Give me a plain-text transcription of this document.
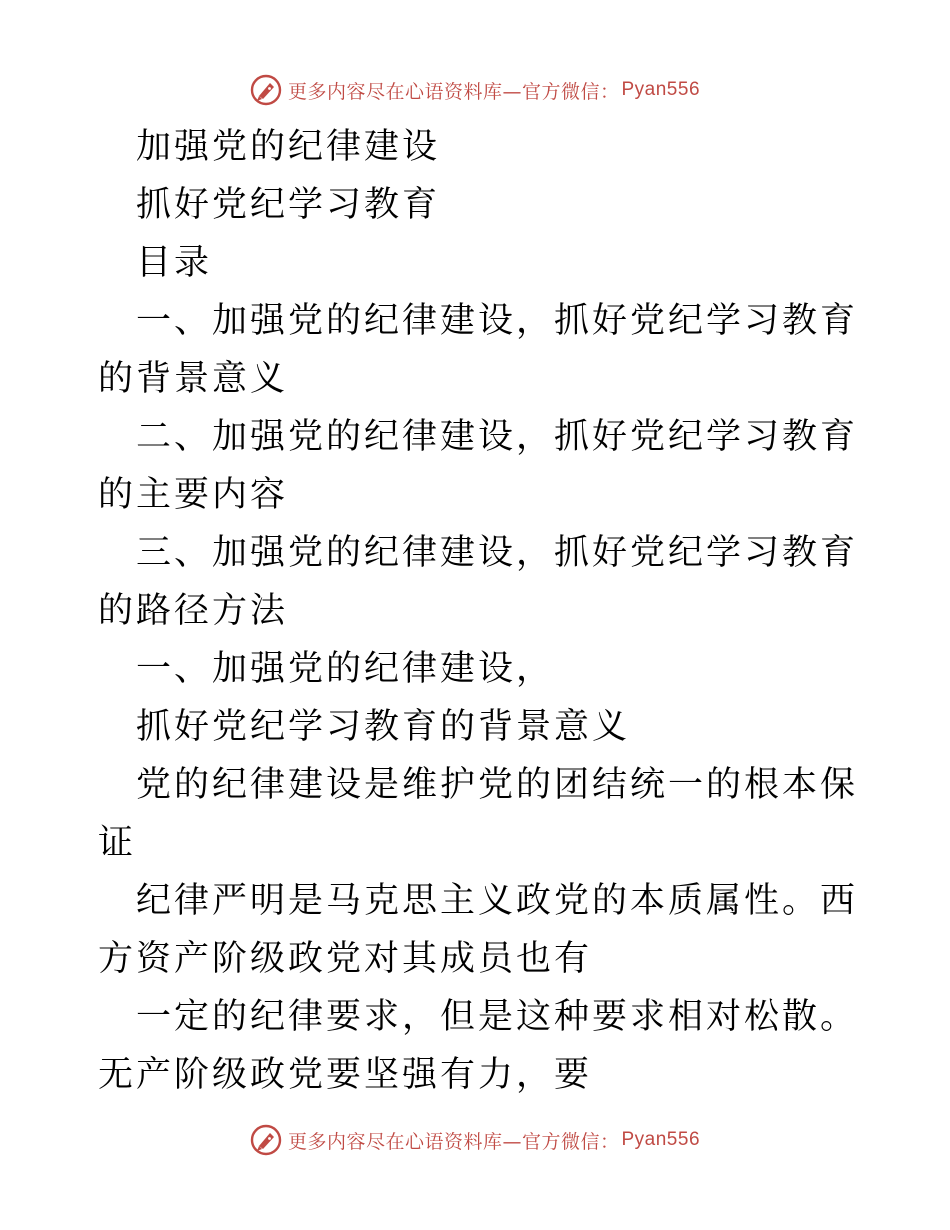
更多内容尽在心语资料库—官方微信： Pyan556

加强党的纪律建设

抓好党纪学习教育

目录

一、加强党的纪律建设，抓好党纪学习教育的背景意义

二、加强党的纪律建设，抓好党纪学习教育的主要内容

三、加强党的纪律建设，抓好党纪学习教育的路径方法

一、加强党的纪律建设，

抓好党纪学习教育的背景意义

党的纪律建设是维护党的团结统一的根本保证

纪律严明是马克思主义政党的本质属性。西方资产阶级政党对其成员也有

一定的纪律要求，但是这种要求相对松散。无产阶级政党要坚强有力，要

更多内容尽在心语资料库—官方微信： Pyan556
